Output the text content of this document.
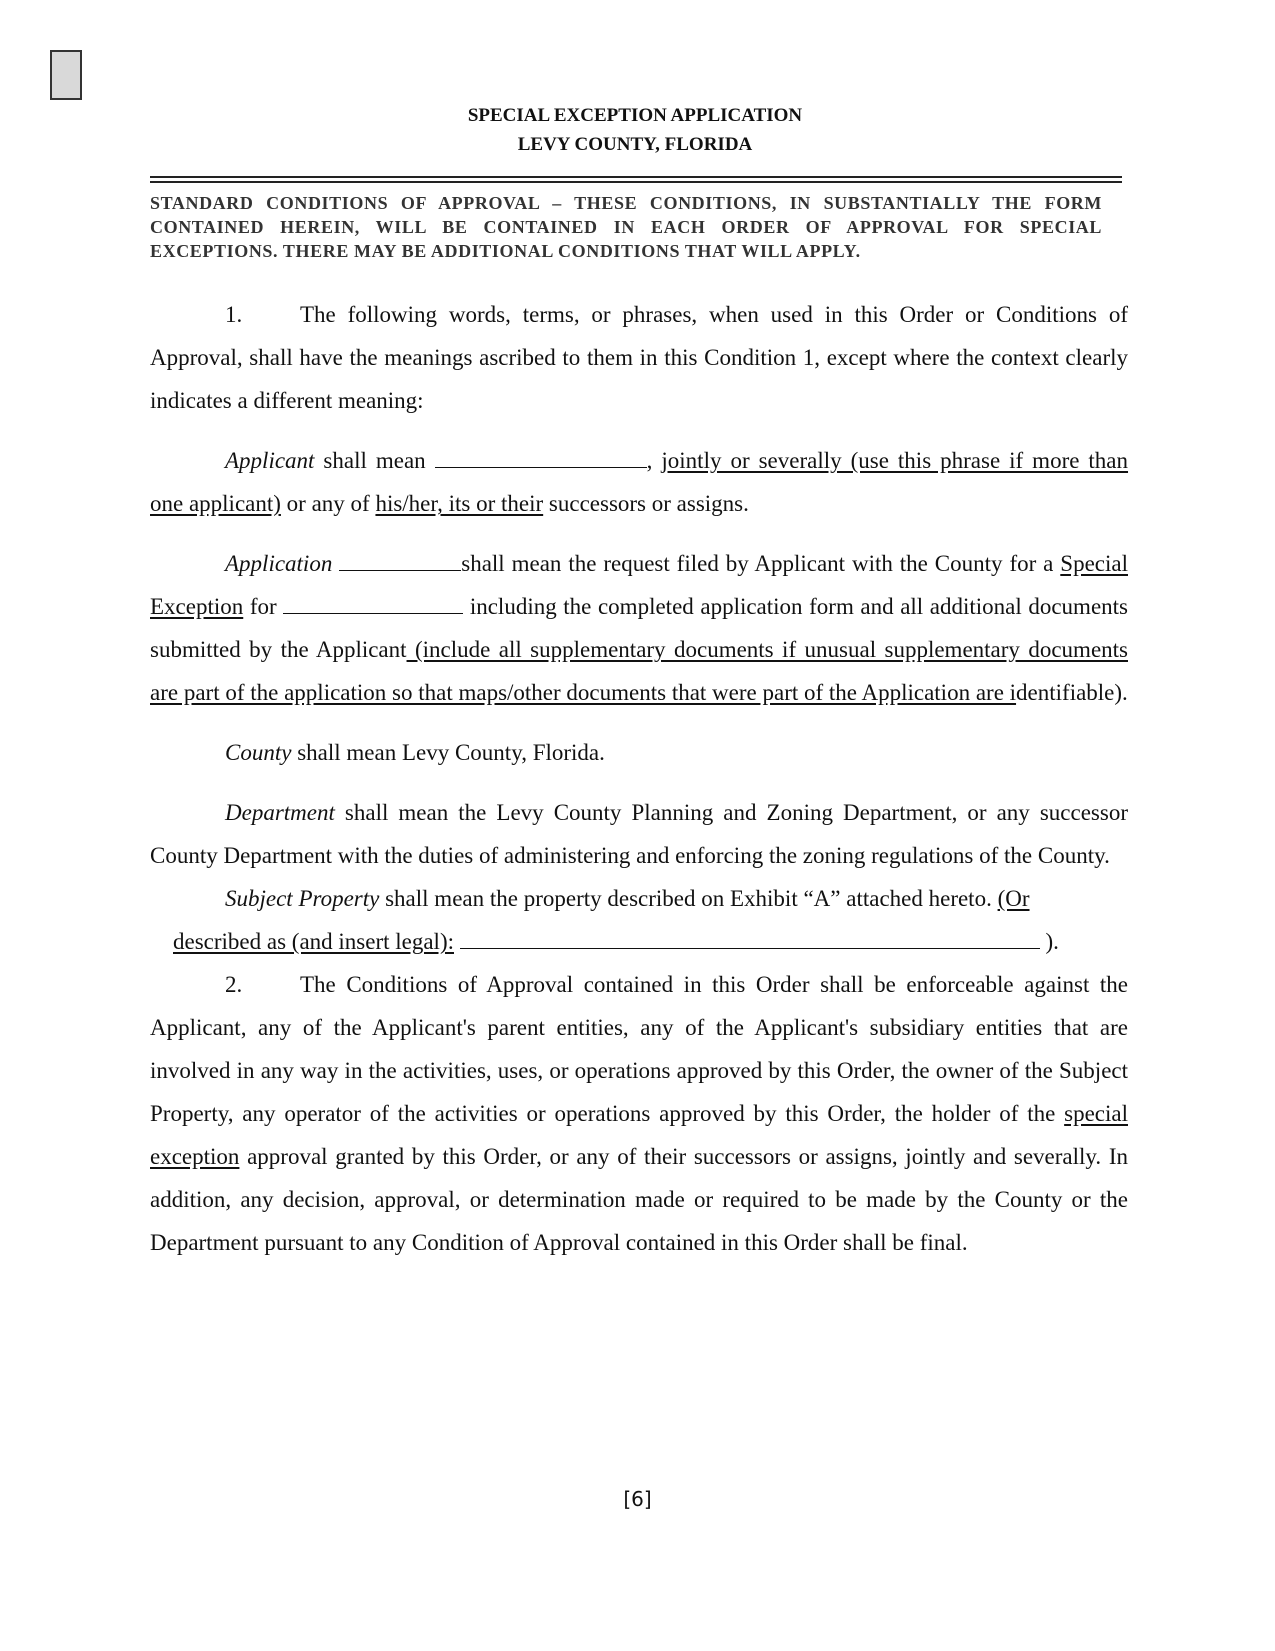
SPECIAL EXCEPTION APPLICATION
LEVY COUNTY, FLORIDA
STANDARD CONDITIONS OF APPROVAL – THESE CONDITIONS, IN SUBSTANTIALLY THE FORM CONTAINED HEREIN, WILL BE CONTAINED IN EACH ORDER OF APPROVAL FOR SPECIAL EXCEPTIONS. THERE MAY BE ADDITIONAL CONDITIONS THAT WILL APPLY.

1.	The following words, terms, or phrases, when used in this Order or Conditions of Approval, shall have the meanings ascribed to them in this Condition 1, except where the context clearly indicates a different meaning:

Applicant shall mean	, jointly or severally (use this phrase if more than one applicant) or any of his/her, its or their successors or assigns.

Application	shall mean the request filed by Applicant with the County for a Special Exception for	including the completed application form and all additional documents submitted by the Applicant (include all supplementary documents if unusual supplementary documents are part of the application so that maps/other documents that were part of the Application are identifiable).

County shall mean Levy County, Florida.

Department shall mean the Levy County Planning and Zoning Department, or any successor County Department with the duties of administering and enforcing the zoning regulations of the County.

Subject Property shall mean the property described on Exhibit “A” attached hereto. (Or

described as (and insert legal):	).

2.	The Conditions of Approval contained in this Order shall be enforceable against the Applicant, any of the Applicant's parent entities, any of the Applicant's subsidiary entities that are involved in any way in the activities, uses, or operations approved by this Order, the owner of the Subject Property, any operator of the activities or operations approved by this Order, the holder of the special exception approval granted by this Order, or any of their successors or assigns, jointly and severally. In addition, any decision, approval, or determination made or required to be made by the County or the Department pursuant to any Condition of Approval contained in this Order shall be final.

[6]
